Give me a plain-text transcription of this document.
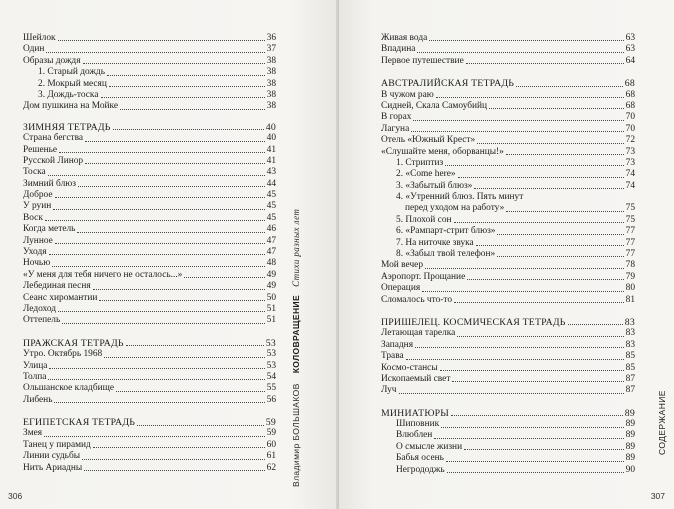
Шейлок	36
Один	37
Образы дождя	38
1. Старый дождь	38
2. Мокрый месяц	38
3. Дождь-тоска	38
Дом пушкина на Мойке	38
ЗИМНЯЯ ТЕТРАДЬ	40
Страна бегства	40
Решенье	41
Русской Линор	41
Тоска	43
Зимний блюз	44
Доброе	45
У руин	45
Воск	45
Когда метель	46
Лунное	47
Уходя	47
Ночью	48
«У меня для тебя ничего не осталось...»	49
Лебединая песня	49
Сеанс хиромантии	50
Ледоход	51
Оттепель	51
ПРАЖСКАЯ ТЕТРАДЬ	53
Утро. Октябрь 1968	53
Улица	53
Толпа	54
Ольшанское кладбище	55
Либень	56
ЕГИПЕТСКАЯ ТЕТРАДЬ	59
Змея	59
Танец у пирамид	60
Линии судьбы	61
Нить Ариадны	62 Владимир БОЛЬШАКОВКОЛОВРАЩЕНИЕСтихи разных лет
306
Живая вода	63
Впадина	63
Первое путешествие	64
АВСТРАЛИЙСКАЯ ТЕТРАДЬ	68
В чужом раю	68
Сидней, Скала Самоубийц	68
В горах	70
Лагуна	70
Отель «Южный Крест»	72
«Слушайте меня, оборванцы!»	73
1. Стриптиз	73
2. «Come here»	74
3. «Забытый блюз»	74
4. «Утренний блюз. Пять минут
перед уходом на работу»	75
5. Плохой сон	75
6. «Рампарт-стрит блюз»	77
7. На ниточке звука	77
8. «Забыл твой телефон»	77
Мой вечер	78
Аэропорт. Прощание	79
Операция	80
Сломалось что-то	81
ПРИШЕЛЕЦ. КОСМИЧЕСКАЯ ТЕТРАДЬ	83
Летающая тарелка	83
Западня	83
Трава	85
Космо-стансы	85
Ископаемый свет	87
Луч	87
МИНИАТЮРЫ	89
Шиповник	89
Влюблен	89
О смысле жизни	89
Бабья осень	89
Негрододжь	90
СОДЕРЖАНИЕ
307
